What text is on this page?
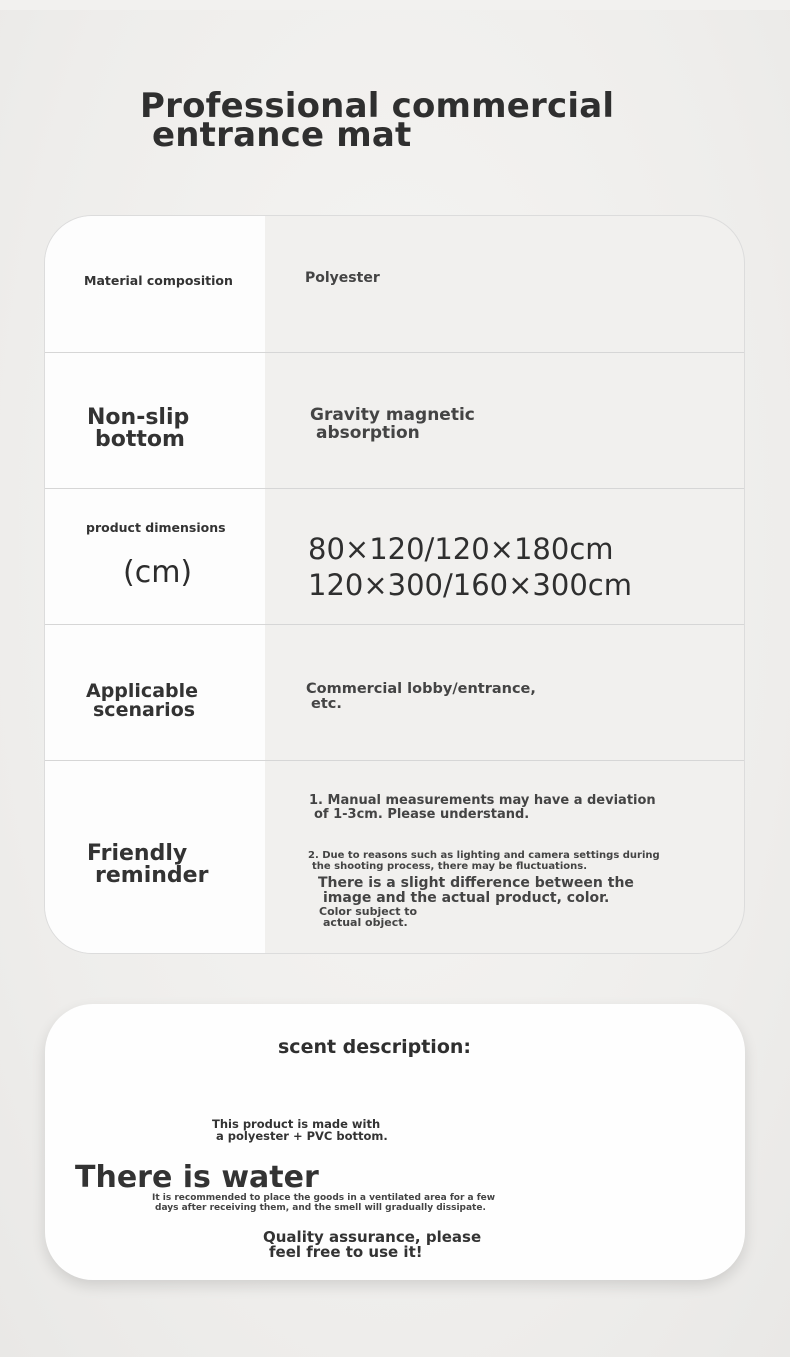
Professional commercial
entrance mat

Material composition	Polyester

Non-slip
bottom

Gravity magnetic
absorption

product dimensions

(cm)

80×120/120×180cm
120×300/160×300cm

Applicable
scenarios

Commercial lobby/entrance,
etc.

Friendly
reminder

1. Manual measurements may have a deviation
of 1-3cm. Please understand.

2. Due to reasons such as lighting and camera settings during
the shooting process, there may be fluctuations.

There is a slight difference between the
image and the actual product, color.

Color subject to
actual object.

scent description:

This product is made with
a polyester + PVC bottom.

There is water

It is recommended to place the goods in a ventilated area for a few
days after receiving them, and the smell will gradually dissipate.

Quality assurance, please
feel free to use it!
